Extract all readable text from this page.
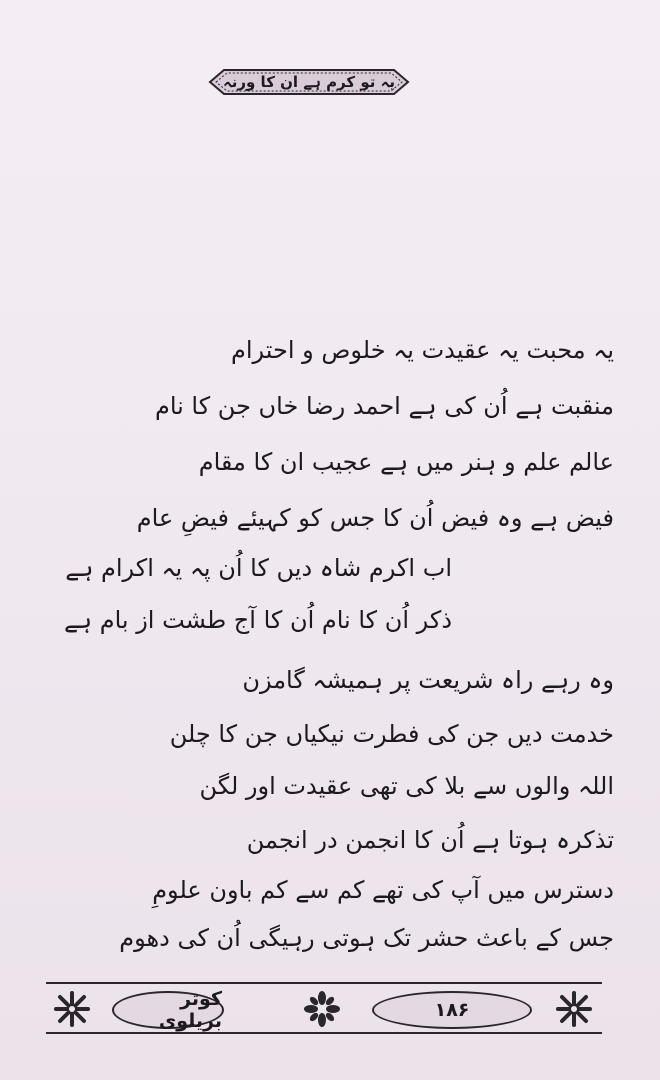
یہ تو کرم ہے ان کا ورنہ
یہ محبت یہ عقیدت یہ خلوص و احترام
منقبت ہے اُن کی ہے احمد رضا خاں جن کا نام
عالم علم و ہنر میں ہے عجیب ان کا مقام
فیض ہے وہ فیض اُن کا جس کو کہیئے فیضِ عام
اب اکرم شاہ دیں کا اُن پہ یہ اکرام ہے
ذکر اُن کا نام اُن کا آج طشت از بام ہے
وہ رہے راہ شریعت پر ہمیشہ گامزن
خدمت دیں جن کی فطرت نیکیاں جن کا چلن
اللہ والوں سے بلا کی تھی عقیدت اور لگن
تذکرہ ہوتا ہے اُن کا انجمن در انجمن
دسترس میں آپ کی تھے کم سے کم باون علومِ
جس کے باعث حشر تک ہوتی رہیگی اُن کی دھوم
کوثر بریلوی	۱۸۶
